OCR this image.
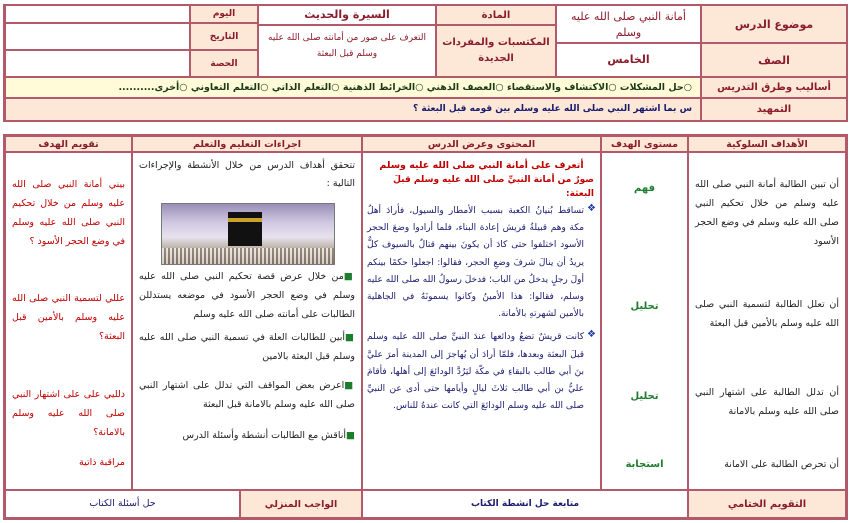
موضوع الدرس
أمانة النبي صلى الله عليه وسلم
المادة
السيرة والحديث
اليوم
الصف
الخامس
المكتسبات والمفردات الجديدة
التعرف على صور من أمانته صلى الله عليه وسلم قبل البعثة
التاريخ
الحصة
أساليب وطرق التدريس
○حل المشكلات ○الاكتشاف والاستقصاء ○العصف الذهني ○الخرائط الذهنية ○التعلم الذاتي ○التعلم التعاوني ○أخرى..........
التمهيد
س بما اشتهر النبي صلى الله عليه وسلم بين قومه قبل البعثة ؟
الأهداف السلوكية
مستوى الهدف
المحتوى وعرض الدرس
اجراءات التعليم والتعلم
تقويم الهدف
أن تبين الطالبة أمانة النبي صلى الله عليه وسلم من خلال تحكيم النبي صلى الله عليه وسلم في وضع الحجر الأسود
أن تعلل الطالبة لتسمية النبي صلى الله عليه وسلم بالأمين قبل البعثة
أن تدلل الطالبة على اشتهار النبي صلى الله عليه وسلم بالامانة
أن تحرص الطالبة على الامانة
فهم
تحليل
تحليل
استجابة
أتعرف على أمانة النبي صلى الله عليه وسلم
صورٌ من أمانة النبيِّ صلى الله عليه وسلم قبلَ البعثة:
❖
تساقط بُنيانُ الكعبة بسبب الأمطار والسيول، فأرادَ أهلُ مكة وهم قبيلةُ قريش إعادة البناء، فلما أرادوا وضعَ الحجر الأسود اختلفوا حتى كادَ أن يكونَ بينهم قتالٌ بالسيوف كلٌّ يريدُ أن ينالَ شرفَ وضعِ الحجر، فقالوا: اجعلوا حكمًا بينكم أولَ رجلٍ يدخلُ من الباب؛ فدخلَ رسولُ الله صلى الله عليه وسلم، فقالوا: هذا الأمينُ وكانوا يسمونَهُ في الجاهلية بالأمين لشهرتهِ بالأمانة.
❖
كانت قريشٌ تضعُ ودائعها عندَ النبيِّ صلى الله عليه وسلم قبلَ البعثة وبعدها، فلمّا أرادَ أن يُهاجرَ إلى المدينة أمرَ عليَّ بنَ أبي طالب بالبقاءِ في مكّة ليَرُدَّ الودائعَ إلى أهلها، فأقامَ عليُّ بن أبي طالب ثلاثَ ليالٍ وأيامها حتى أدى عن النبيِّ صلى الله عليه وسلم الودائعَ التي كانت عندهُ للناس.
تتحقق أهداف الدرس من خلال الأنشطة والإجراءات التالية :
■من خلال عرض قصة تحكيم النبي صلى الله عليه وسلم في وضع الحجر الأسود في موضعه يستدللن الطالبات على أمانته صلى الله عليه وسلم
■أبين للطالبات العلة في تسمية النبي صلى الله عليه وسلم قبل البعثة بالامين
■اعرض بعض المواقف التي تدلل على اشتهار النبي صلى الله عليه وسلم بالامانة قبل البعثة
■أناقش مع الطالبات أنشطة وأسئلة الدرس
بيني أمانة النبي صلى الله عليه وسلم من خلال تحكيم النبي صلى الله عليه وسلم في وضع الحجر الأسود ؟
عللي لتسمية النبي صلى الله عليه وسلم بالأمين قبل البعثة؟
دلليي على على اشتهار النبي صلى الله عليه وسلم بالامانة؟
مراقبة ذاتية
التقويم الختامي
متابعة حل انشطة الكتاب
الواجب المنزلي
حل أسئلة الكتاب
